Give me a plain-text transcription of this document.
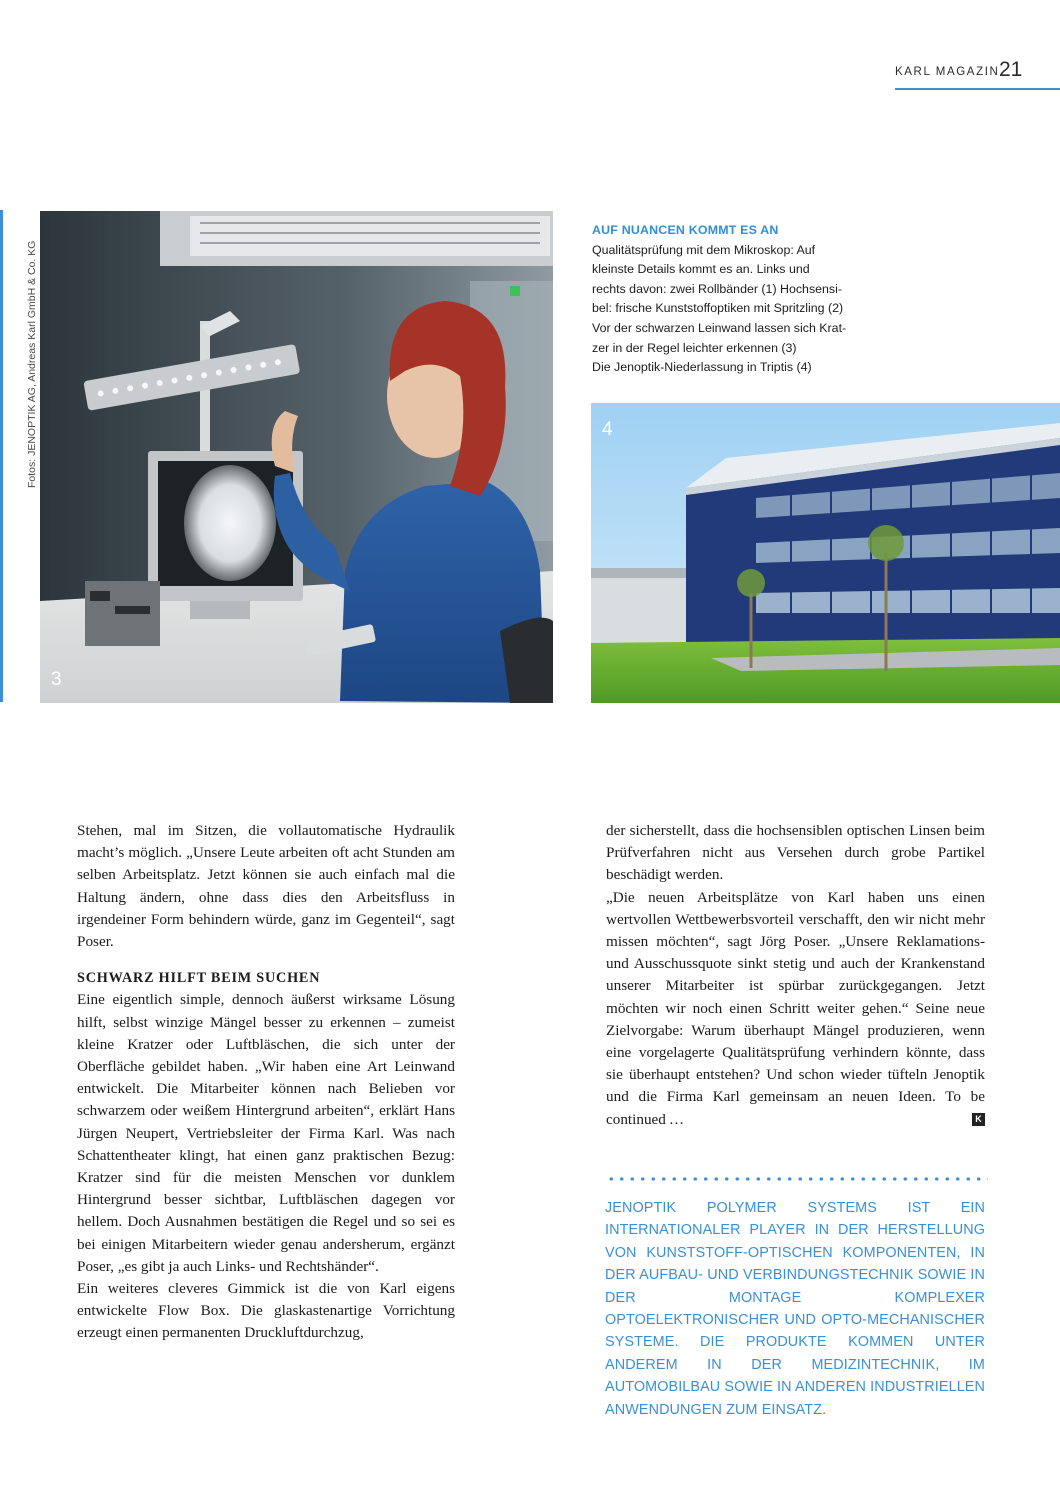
KARL MAGAZIN 21
Fotos: JENOPTIK AG, Andreas Karl GmbH & Co. KG
3
AUF NUANCEN KOMMT ES AN
Qualitätsprüfung mit dem Mikroskop: Auf
kleinste Details kommt es an. Links und
rechts davon: zwei Rollbänder (1) Hochsensi-
bel: frische Kunststoffoptiken mit Spritzling (2)
Vor der schwarzen Leinwand lassen sich Krat-
zer in der Regel leichter erkennen (3)
Die Jenoptik-Niederlassung in Triptis (4)
4

Stehen, mal im Sitzen, die vollautomatische Hydraulik macht’s möglich. „Unsere Leute arbeiten oft acht Stunden am selben Arbeitsplatz. Jetzt können sie auch einfach mal die Haltung ändern, ohne dass dies den Arbeitsfluss in irgendeiner Form behindern würde, ganz im Gegenteil“, sagt Poser.

SCHWARZ HILFT BEIM SUCHEN

Eine eigentlich simple, dennoch äußerst wirksame Lösung hilft, selbst winzige Mängel besser zu erkennen – zumeist kleine Kratzer oder Luftbläschen, die sich unter der Oberfläche gebildet haben. „Wir haben eine Art Leinwand entwickelt. Die Mitarbeiter können nach Belieben vor schwarzem oder weißem Hintergrund arbeiten“, erklärt Hans Jürgen Neupert, Vertriebsleiter der Firma Karl. Was nach Schattentheater klingt, hat einen ganz praktischen Bezug: Kratzer sind für die meisten Menschen vor dunklem Hintergrund besser sichtbar, Luftbläschen dagegen vor hellem. Doch Ausnahmen bestätigen die Regel und so sei es bei einigen Mitarbeitern wieder genau andersherum, ergänzt Poser, „es gibt ja auch Links- und Rechtshänder“.

Ein weiteres cleveres Gimmick ist die von Karl eigens entwickelte Flow Box. Die glaskastenartige Vorrichtung erzeugt einen permanenten Druckluftdurchzug,

der sicherstellt, dass die hochsensiblen optischen Linsen beim Prüfverfahren nicht aus Versehen durch grobe Partikel beschädigt werden.

„Die neuen Arbeitsplätze von Karl haben uns einen wertvollen Wettbewerbsvorteil verschafft, den wir nicht mehr missen möchten“, sagt Jörg Poser. „Unsere Reklamations- und Ausschussquote sinkt stetig und auch der Krankenstand unserer Mitarbeiter ist spürbar zurückgegangen. Jetzt möchten wir noch einen Schritt weiter gehen.“ Seine neue Zielvorgabe: Warum überhaupt Mängel produzieren, wenn eine vorgelagerte Qualitätsprüfung verhindern könnte, dass sie überhaupt entstehen? Und schon wieder tüfteln Jenoptik und die Firma Karl gemeinsam an neuen Ideen. To be continued …	K

JENOPTIK POLYMER SYSTEMS IST EIN INTERNATIONALER PLAYER IN DER HERSTELLUNG VON KUNSTSTOFF-OPTISCHEN KOMPONENTEN, IN DER AUFBAU- UND VERBINDUNGSTECHNIK SOWIE IN DER MONTAGE KOMPLEXER OPTOELEKTRONISCHER UND OPTO-MECHANISCHER SYSTEME. DIE PRODUKTE KOMMEN UNTER ANDEREM IN DER MEDIZINTECHNIK, IM AUTOMOBILBAU SOWIE IN ANDEREN INDUSTRIELLEN ANWENDUNGEN ZUM EINSATZ.
